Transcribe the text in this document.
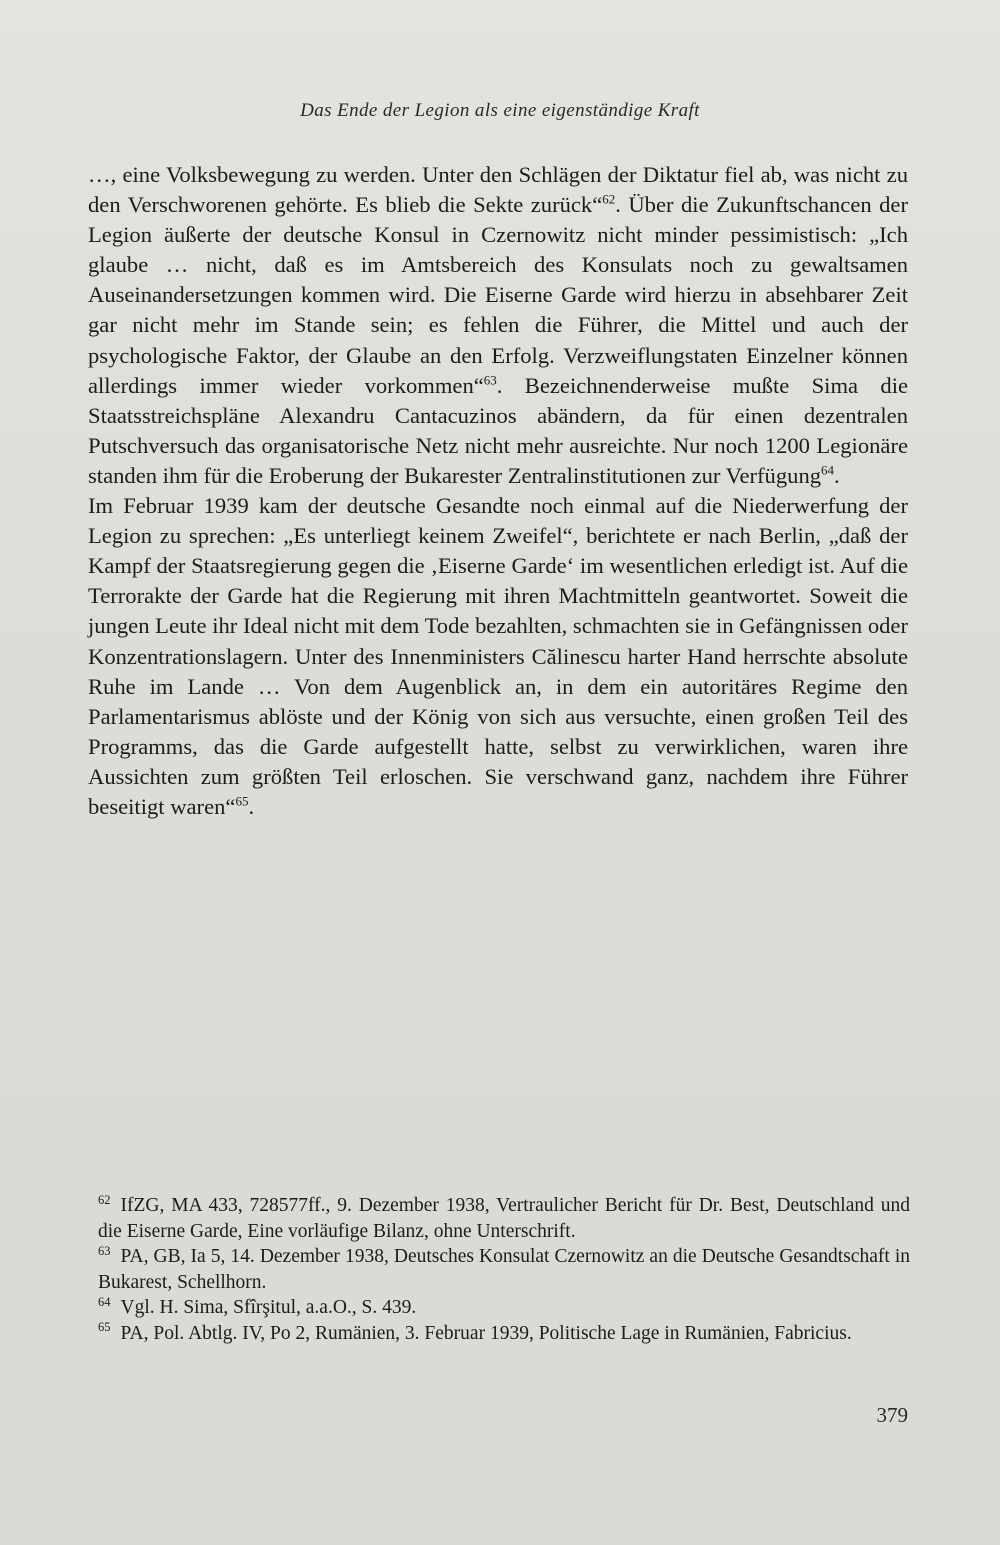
Das Ende der Legion als eine eigenständige Kraft

…, eine Volksbewegung zu werden. Unter den Schlägen der Diktatur fiel ab, was nicht zu den Verschworenen gehörte. Es blieb die Sekte zurück“$^{62}$. Über die Zukunftschancen der Legion äußerte der deutsche Konsul in Czernowitz nicht minder pessimistisch: „Ich glaube … nicht, daß es im Amtsbereich des Konsulats noch zu gewaltsamen Auseinandersetzungen kommen wird. Die Eiserne Garde wird hierzu in absehbarer Zeit gar nicht mehr im Stande sein; es fehlen die Führer, die Mittel und auch der psychologische Faktor, der Glaube an den Erfolg. Verzweiflungstaten Einzelner können allerdings immer wieder vorkommen“$^{63}$. Bezeichnenderweise mußte Sima die Staatsstreichspläne Alexandru Cantacuzinos abändern, da für einen dezentralen Putschversuch das organisatorische Netz nicht mehr ausreichte. Nur noch 1200 Legionäre standen ihm für die Eroberung der Bukarester Zentralinstitutionen zur Verfügung$^{64}$.

Im Februar 1939 kam der deutsche Gesandte noch einmal auf die Niederwerfung der Legion zu sprechen: „Es unterliegt keinem Zweifel“, berichtete er nach Berlin, „daß der Kampf der Staatsregierung gegen die ‚Eiserne Garde‘ im wesentlichen erledigt ist. Auf die Terrorakte der Garde hat die Regierung mit ihren Machtmitteln geantwortet. Soweit die jungen Leute ihr Ideal nicht mit dem Tode bezahlten, schmachten sie in Gefängnissen oder Konzentrationslagern. Unter des Innenministers Călinescu harter Hand herrschte absolute Ruhe im Lande … Von dem Augenblick an, in dem ein autoritäres Regime den Parlamentarismus ablöste und der König von sich aus versuchte, einen großen Teil des Programms, das die Garde aufgestellt hatte, selbst zu verwirklichen, waren ihre Aussichten zum größten Teil erloschen. Sie verschwand ganz, nachdem ihre Führer beseitigt waren“$^{65}$.

$^{62}$ IfZG, MA 433, 728577ff., 9. Dezember 1938, Vertraulicher Bericht für Dr. Best, Deutschland und die Eiserne Garde, Eine vorläufige Bilanz, ohne Unterschrift.

$^{63}$ PA, GB, Ia 5, 14. Dezember 1938, Deutsches Konsulat Czernowitz an die Deutsche Gesandtschaft in Bukarest, Schellhorn.

$^{64}$ Vgl. H. Sima, Sfîrşitul, a.a.O., S. 439.

$^{65}$ PA, Pol. Abtlg. IV, Po 2, Rumänien, 3. Februar 1939, Politische Lage in Rumänien, Fabricius.

379
